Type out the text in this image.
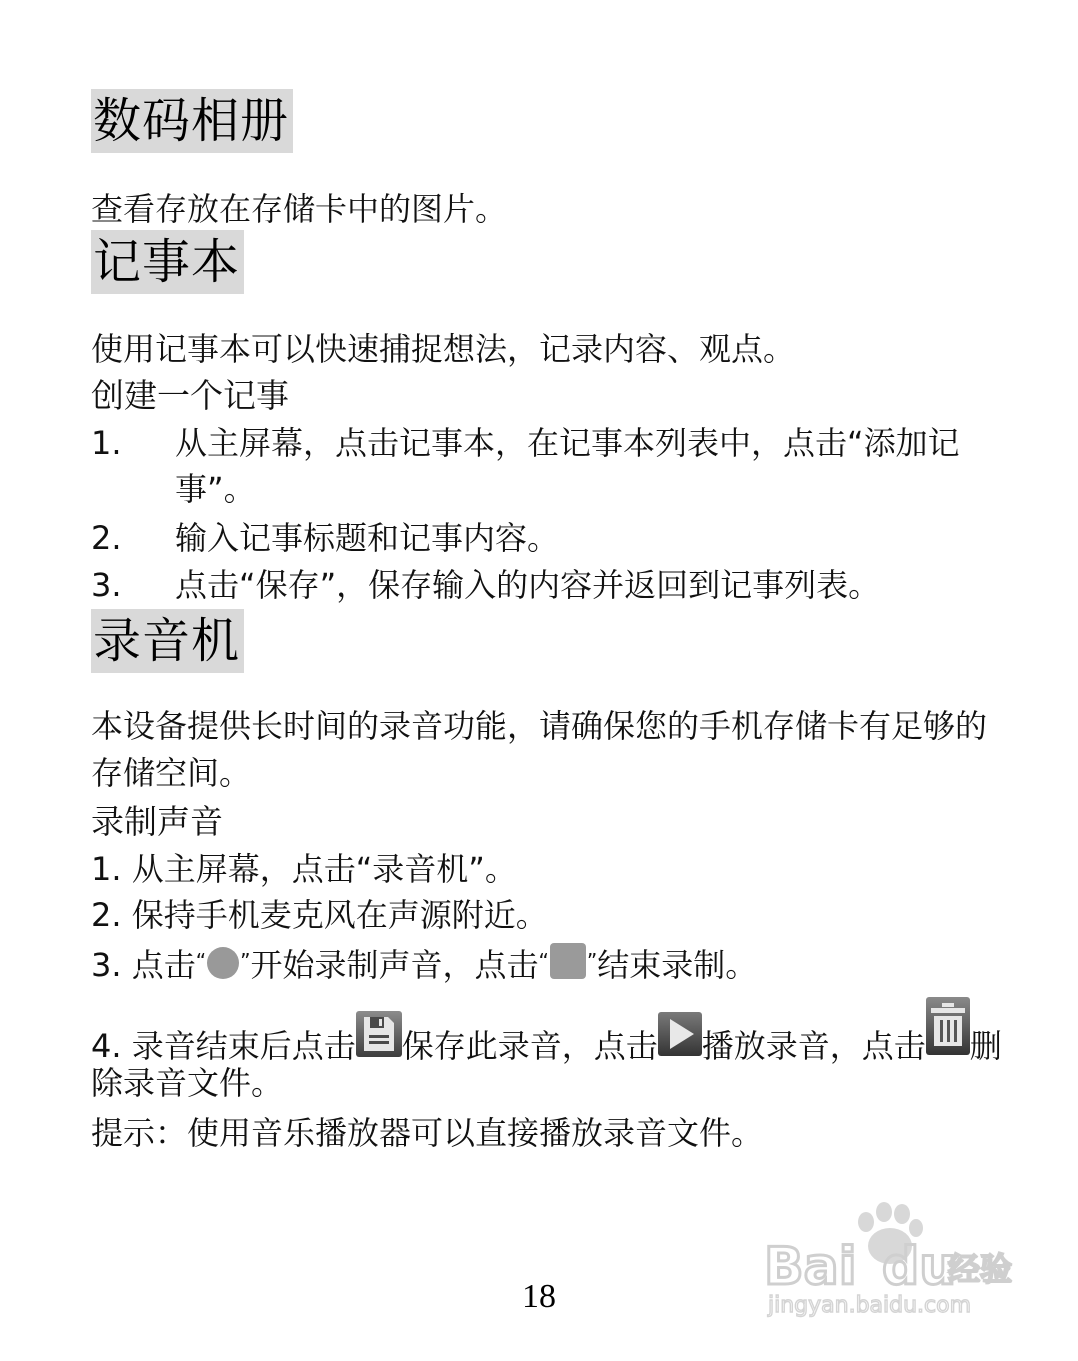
数码相册
查看存放在存储卡中的图片。
记事本
使用记事本可以快速捕捉想法，记录内容、观点。
创建一个记事
1. 从主屏幕，点击记事本，在记事本列表中，点击“添加记
事”。
2. 输入记事标题和记事内容。
3. 点击“保存”，保存输入的内容并返回到记事列表。
录音机
本设备提供长时间的录音功能，请确保您的手机存储卡有足够的
存储空间。
录制声音
1. 从主屏幕，点击“录音机”。
2. 保持手机麦克风在声源附近。
3. 点击“ ”开始录制声音，点击“ ”结束录制。
4. 录音结束后点击 保存此录音，点击 播放录音，点击 删
除录音文件。
提示：使用音乐播放器可以直接播放录音文件。
Bai du
经验
jingyan.baidu.com
18
